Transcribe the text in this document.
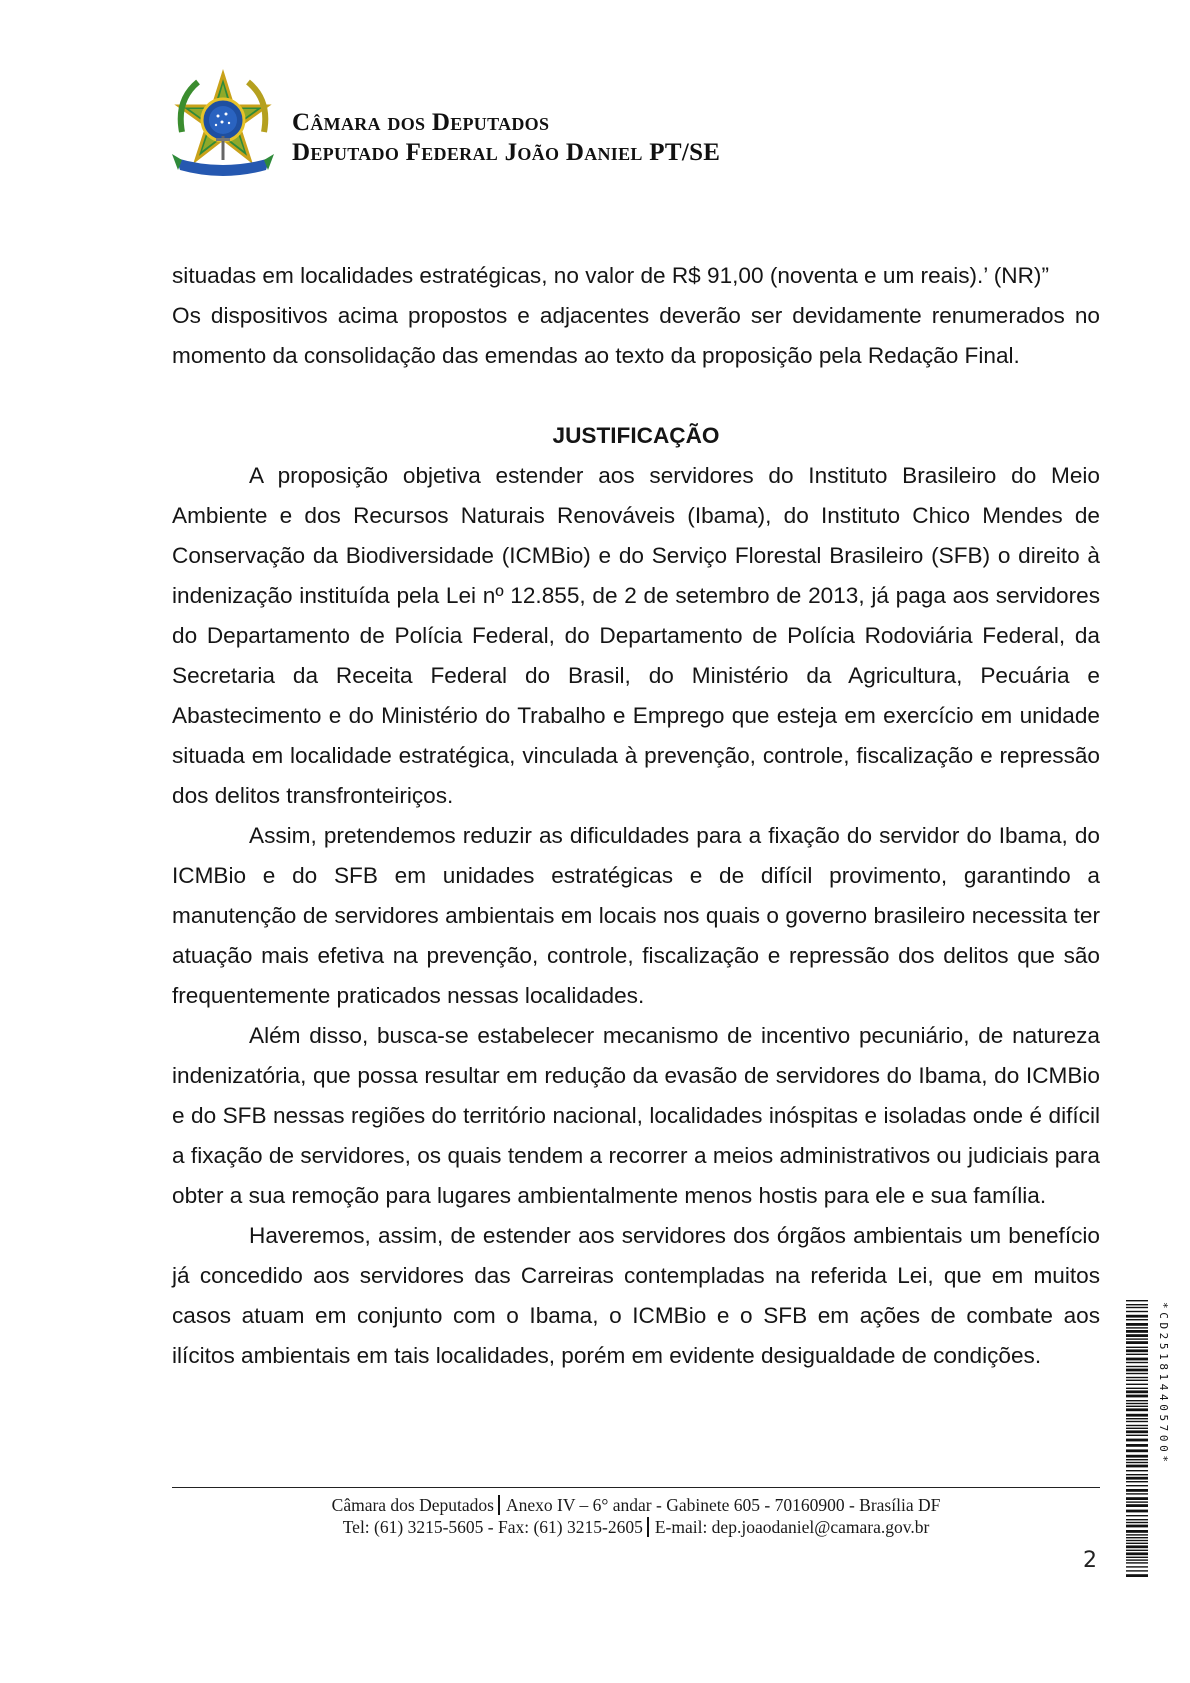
Câmara dos Deputados
Deputado Federal João Daniel PT/SE

situadas em localidades estratégicas, no valor de R$ 91,00 (noventa e um reais).’ (NR)”

Os dispositivos acima propostos e adjacentes deverão ser devidamente renumerados no momento da consolidação das emendas ao texto da proposição pela Redação Final.

JUSTIFICAÇÃO

A proposição objetiva estender aos servidores do Instituto Brasileiro do Meio Ambiente e dos Recursos Naturais Renováveis (Ibama), do Instituto Chico Mendes de Conservação da Biodiversidade (ICMBio) e do Serviço Florestal Brasileiro (SFB) o direito à indenização instituída pela Lei nº 12.855, de 2 de setembro de 2013, já paga aos servidores do Departamento de Polícia Federal, do Departamento de Polícia Rodoviária Federal, da Secretaria da Receita Federal do Brasil, do Ministério da Agricultura, Pecuária e Abastecimento e do Ministério do Trabalho e Emprego que esteja em exercício em unidade situada em localidade estratégica, vinculada à prevenção, controle, fiscalização e repressão dos delitos transfronteiriços.

Assim, pretendemos reduzir as dificuldades para a fixação do servidor do Ibama, do ICMBio e do SFB em unidades estratégicas e de difícil provimento, garantindo a manutenção de servidores ambientais em locais nos quais o governo brasileiro necessita ter atuação mais efetiva na prevenção, controle, fiscalização e repressão dos delitos que são frequentemente praticados nessas localidades.

Além disso, busca-se estabelecer mecanismo de incentivo pecuniário, de natureza indenizatória, que possa resultar em redução da evasão de servidores do Ibama, do ICMBio e do SFB nessas regiões do território nacional, localidades inóspitas e isoladas onde é difícil a fixação de servidores, os quais tendem a recorrer a meios administrativos ou judiciais para obter a sua remoção para lugares ambientalmente menos hostis para ele e sua família.

Haveremos, assim, de estender aos servidores dos órgãos ambientais um benefício já concedido aos servidores das Carreiras contempladas na referida Lei, que em muitos casos atuam em conjunto com o Ibama, o ICMBio e o SFB em ações de combate aos ilícitos ambientais em tais localidades, porém em evidente desigualdade de condições.

Câmara dos Deputados Anexo IV – 6° andar - Gabinete 605 - 70160900 - Brasília DF
Tel: (61) 3215-5605 - Fax: (61) 3215-2605 E-mail: dep.joaodaniel@camara.gov.br
2
*CD251814405700*
